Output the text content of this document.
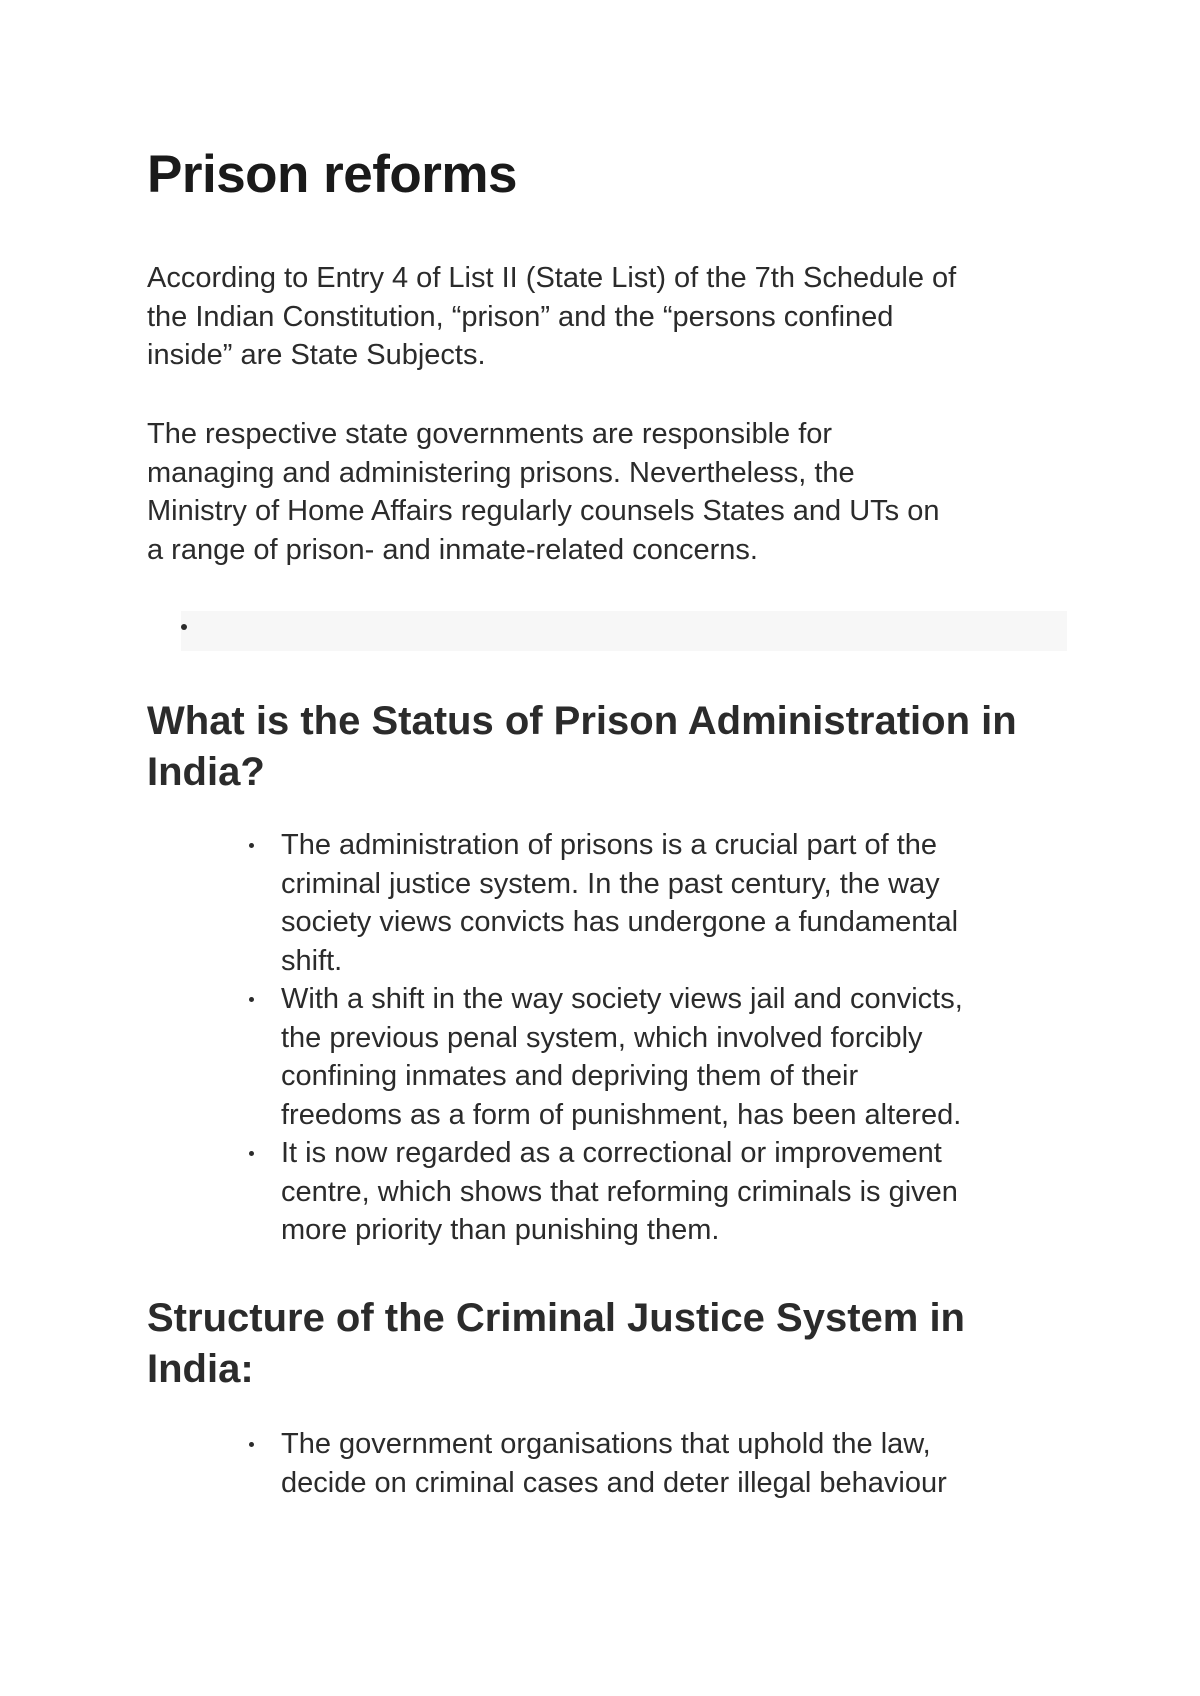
Prison reforms

According to Entry 4 of List II (State List) of the 7th Schedule of
the Indian Constitution, “prison” and the “persons confined
inside” are State Subjects.

The respective state governments are responsible for
managing and administering prisons. Nevertheless, the
Ministry of Home Affairs regularly counsels States and UTs on
a range of prison- and inmate-related concerns.

What is the Status of Prison Administration in
India?
The administration of prisons is a crucial part of the
criminal justice system. In the past century, the way
society views convicts has undergone a fundamental
shift.
With a shift in the way society views jail and convicts,
the previous penal system, which involved forcibly
confining inmates and depriving them of their
freedoms as a form of punishment, has been altered.
It is now regarded as a correctional or improvement
centre, which shows that reforming criminals is given
more priority than punishing them.
Structure of the Criminal Justice System in
India:
The government organisations that uphold the law,
decide on criminal cases and deter illegal behaviour
